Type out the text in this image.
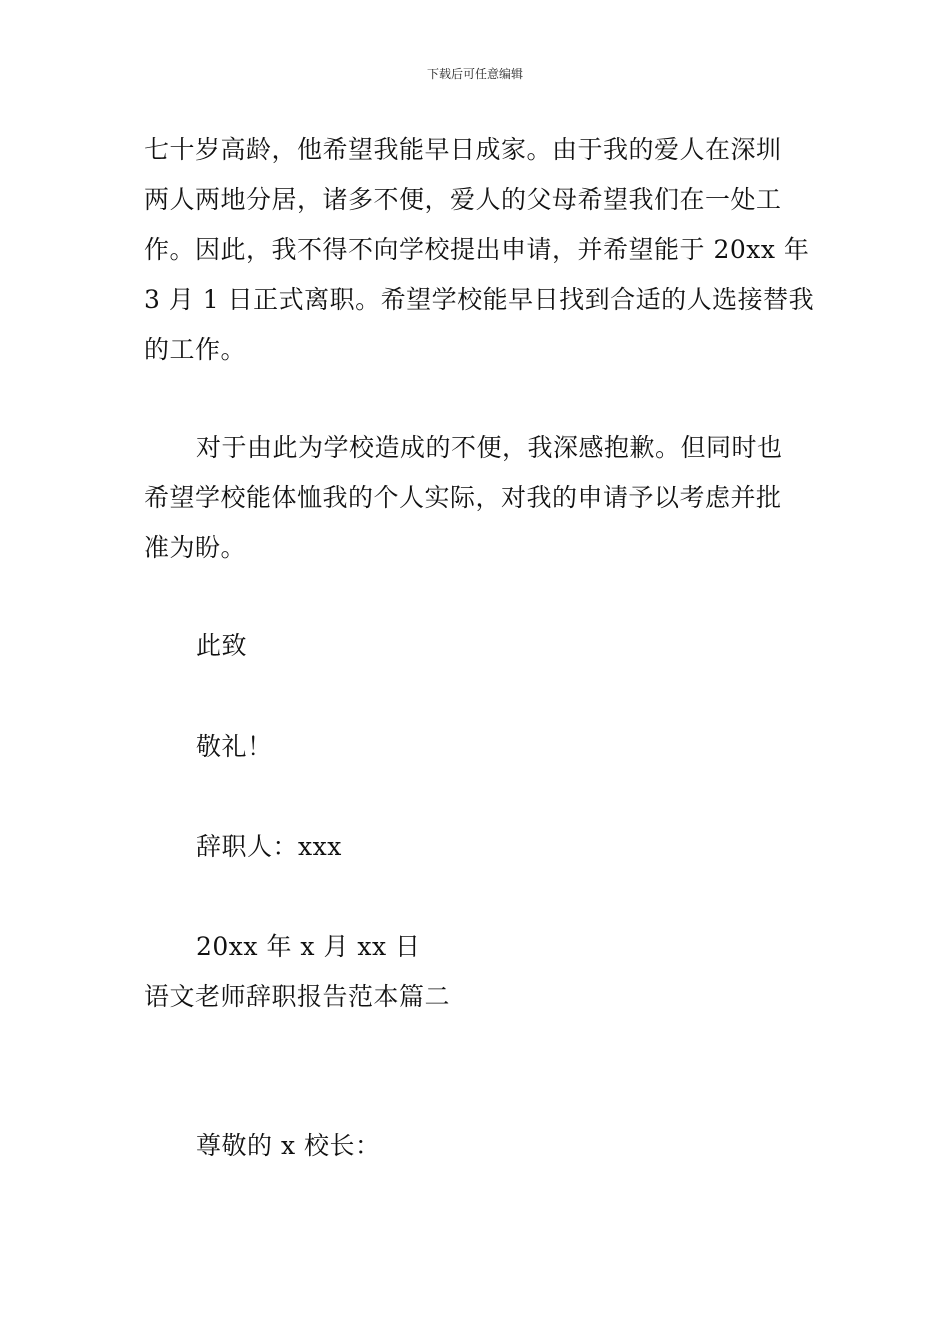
下载后可任意编辑
七十岁高龄，他希望我能早日成家。由于我的爱人在深圳
两人两地分居，诸多不便，爱人的父母希望我们在一处工
作。因此，我不得不向学校提出申请，并希望能于 20xx 年
3 月 1 日正式离职。希望学校能早日找到合适的人选接替我
的工作。
对于由此为学校造成的不便，我深感抱歉。但同时也
希望学校能体恤我的个人实际，对我的申请予以考虑并批
准为盼。
此致
敬礼！
辞职人：xxx
20xx 年 x 月 xx 日
语文老师辞职报告范本篇二
尊敬的 x 校长：
